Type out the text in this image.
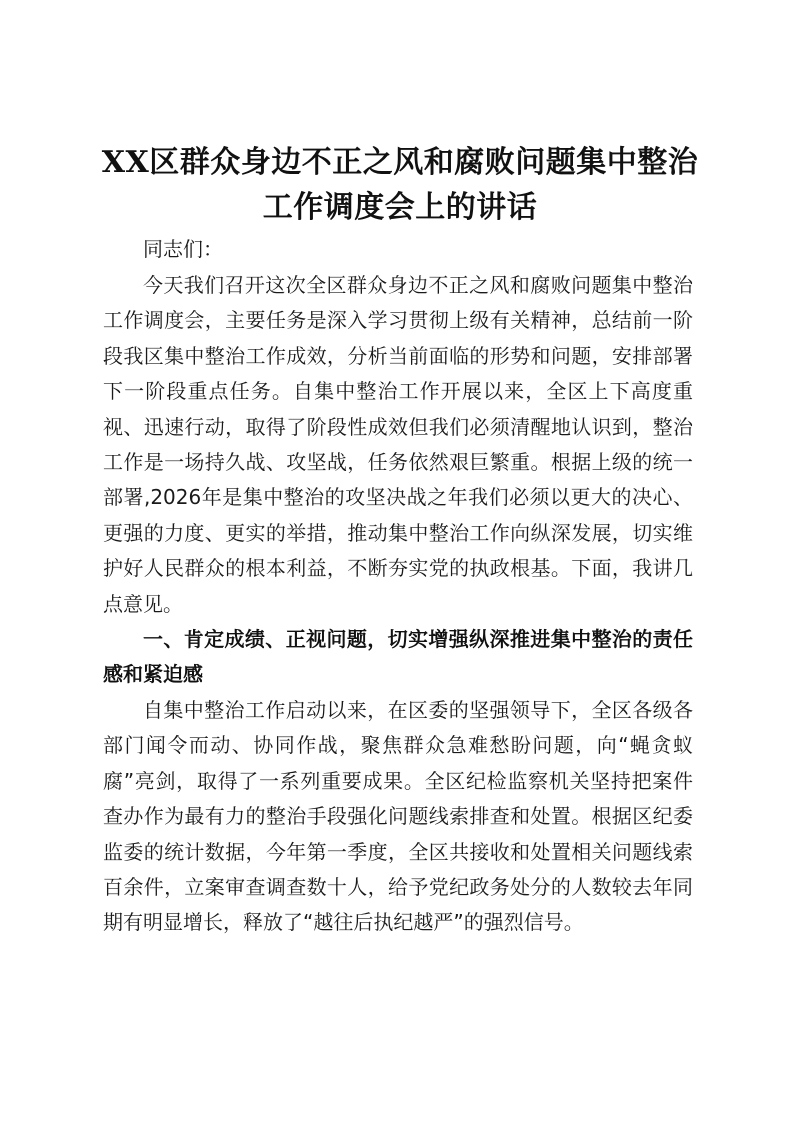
XX区群众身边不正之风和腐败问题集中整治
工作调度会上的讲话

同志们：

今天我们召开这次全区群众身边不正之风和腐败问题集中整治工作调度会，主要任务是深入学习贯彻上级有关精神，总结前一阶段我区集中整治工作成效，分析当前面临的形势和问题，安排部署下一阶段重点任务。自集中整治工作开展以来，全区上下高度重视、迅速行动，取得了阶段性成效但我们必须清醒地认识到，整治工作是一场持久战、攻坚战，任务依然艰巨繁重。根据上级的统一部署,2026年是集中整治的攻坚决战之年我们必须以更大的决心、更强的力度、更实的举措，推动集中整治工作向纵深发展，切实维护好人民群众的根本利益，不断夯实党的执政根基。下面，我讲几点意见。

一、肯定成绩、正视问题，切实增强纵深推进集中整治的责任感和紧迫感

自集中整治工作启动以来，在区委的坚强领导下，全区各级各部门闻令而动、协同作战，聚焦群众急难愁盼问题，向“蝇贪蚁腐”亮剑，取得了一系列重要成果。全区纪检监察机关坚持把案件查办作为最有力的整治手段强化问题线索排查和处置。根据区纪委监委的统计数据，今年第一季度，全区共接收和处置相关问题线索百余件，立案审查调查数十人，给予党纪政务处分的人数较去年同期有明显增长，释放了“越往后执纪越严”的强烈信号。
